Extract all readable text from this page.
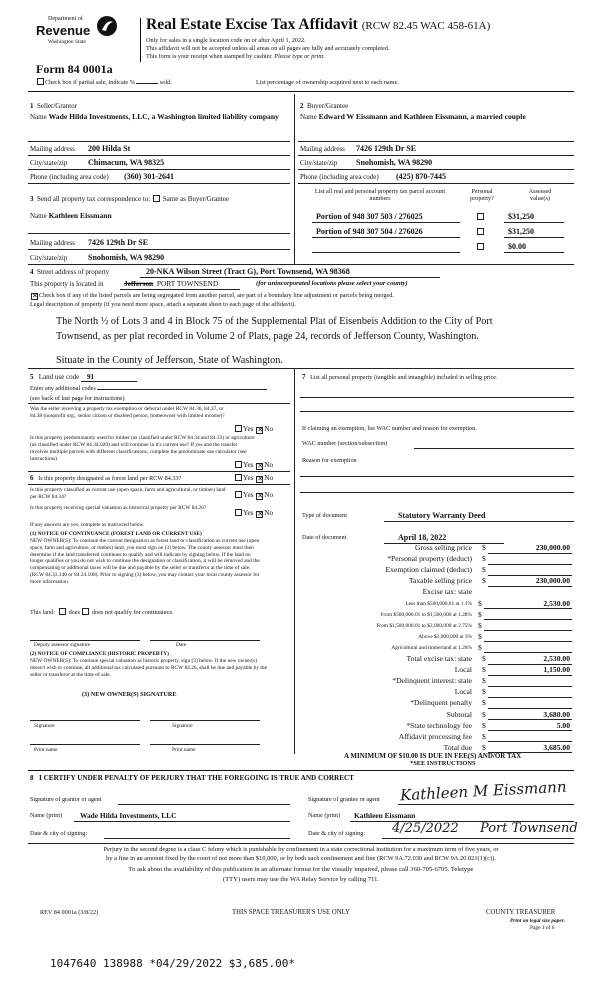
Department of
Revenue
Washington State
Real Estate Excise Tax Affidavit (RCW 82.45 WAC 458-61A)
Only for sales in a single location code on or after April 1, 2022.
This affidavit will not be accepted unless all areas on all pages are fully and accurately completed.
This form is your receipt when stamped by cashier. Please type or print.
Form 84 0001a
Check box if partial sale, indicate %	sold.	List percentage of ownership acquired next to each name.
1 Seller/Grantor
Name Wade Hilda Investments, LLC, a Washington limited liability company
Mailing address 200 Hilda St
City/state/zip	Chimacum, WA 98325
Phone (including area code) (360) 301-2641
3 Send all property tax correspondence to: Same as Buyer/Grantee
Name Kathleen Eissmann
Mailing address 7426 129th Dr SE
City/state/zip	Snohomish, WA 98290
2 Buyer/Grantee
Name Edward W Eissmann and Kathleen Eissmann, a married couple
Mailing address 7426 129th Dr SE
City/state/zip Snohomish, WA 98290
Phone (including area code) (425) 870-7445
List all real and personal property tax parcel account numbers
Personal property?
Assessed value(s)
Portion of 948 307 503 / 276025	$31,250
Portion of 948 307 504 / 276026	$31,250
$0.00
4 Street address of property	20-NKA Wilson Street (Tract G), Port Townsend, WA 98368
This property is located in	Jefferson PORT TOWNSEND	(for unincorporated locations please select your county)
✕Check box if any of the listed parcels are being segregated from another parcel, are part of a boundary line adjustment or parcels being merged.
Legal description of property (if you need more space, attach a separate sheet to each page of the affidavit).
The North ½ of Lots 3 and 4 in Block 75 of the Supplemental Plat of Eisenbeis Addition to the City of Port
Townsend, as per plat recorded in Volume 2 of Plats, page 24, records of Jefferson County, Washington.
Situate in the County of Jefferson, State of Washington.
5 Land use code 91
Enter any additional codes
(see back of last page for instructions)
Was the seller receiving a property tax exemption or deferral under RCW 84.36, 84.37, or 84.38 (nonprofit org., senior citizen or disabled person, homeowner with limited income)?
Yes ✕No
Is this property predominantly used for timber (as classified under RCW 84.34 and 84.33) or agriculture (as classified under RCW 84.34.020) and will continue in it's current use? If yes and the transfer involves multiple parcels with different classifications, complete the predominate use calculator (see instructions)
Yes ✕No
6 Is this property designated as forest land per RCW 84.33?	Yes ✕No
Is this property classified as current use (open space, farm and agricultural, or timber) land per RCW 84.34?	Yes ✕No
Is this property receiving special valuation as historical property per RCW 84.26?
Yes ✕No
If any answers are yes, complete as instructed below.
(1) NOTICE OF CONTINUANCE (FOREST LAND OR CURRENT USE)
NEW OWNER(S): To continue the current designation as forest land or classification as current use (open space, farm and agriculture, or timber) land, you must sign on (3) below. The county assessor must then determine if the land transferred continues to qualify and will indicate by signing below. If the land no longer qualifies or you do not wish to continue the designation or classification, it will be removed and the compensating or additional taxes will be due and payable by the seller or transferor at the time of sale. (RCW 84.33.140 or 84.34.108). Prior to signing (3) below, you may contact your local county assessor for more information.
This land: does does not qualify for continuance.
Deputy assessor signature	Date
(2) NOTICE OF COMPLIANCE (HISTORIC PROPERTY)
NEW OWNER(S): To continue special valuation as historic property, sign (3) below. If the new owner(s) doesn't wish to continue, all additional tax calculated pursuant to RCW 84.26, shall be due and payable by the seller or transferor at the time of sale.
(3) NEW OWNER(S) SIGNATURE
Signature	Signature
Print name	Print name
7 List all personal property (tangible and intangible) included in selling price.
If claiming an exemption, list WAC number and reason for exemption.
WAC number (section/subsection)
Reason for exemption
Type of document	Statutory Warranty Deed
Date of document	April 18, 2022
Gross selling price $	230,000.00
*Personal property (deduct) $
Exemption claimed (deduct) $
Taxable selling price $	230,000.00
Excise tax: state
Less than $500,000.01 at 1.1% $	2,530.00
From $500,000.01 to $1,500,000 at 1.28% $
From $1,500,000.01 to $3,000,000 at 2.75% $
Above $3,000,000 at 3% $
Agricultural and timberland at 1.28% $
Total excise tax: state $	2,530.00
Local $	1,150.00
*Delinquent interest: state $
Local $
*Delinquent penalty $
Subtotal $	3,680.00
*State technology fee $	5.00
Affidavit processing fee $
Total due $	3,685.00
A MINIMUM OF $10.00 IS DUE IN FEE(S) AND/OR TAX
*SEE INSTRUCTIONS
8 I CERTIFY UNDER PENALTY OF PERJURY THAT THE FOREGOING IS TRUE AND CORRECT
Signature of grantor or agent	Signature of grantee or agent Kathleen M Eissmann
Name (print) Wade Hilda Investments, LLC	Name (print) Kathleen Eissmann
Date & city of signing:	Date & city of signing: 4/25/2022 Port Townsend
Perjury in the second degree is a class C felony which is punishable by confinement in a state correctional institution for a maximum term of five years, or
by a fine in an amount fixed by the court of not more than $10,000, or by both such confinement and fine (RCW 9A.72.030 and RCW 9A.20.021(1)(c)).
To ask about the availability of this publication in an alternate format for the visually impaired, please call 360-705-6705. Teletype
(TTY) users may use the WA Relay Service by calling 711.
REV 84 0001a (3/8/22)	THIS SPACE TREASURER'S USE ONLY	COUNTY TREASURER
Print on legal size paper.
Page 1 of 6
1047640 138988 *04/29/2022 $3,685.00*
